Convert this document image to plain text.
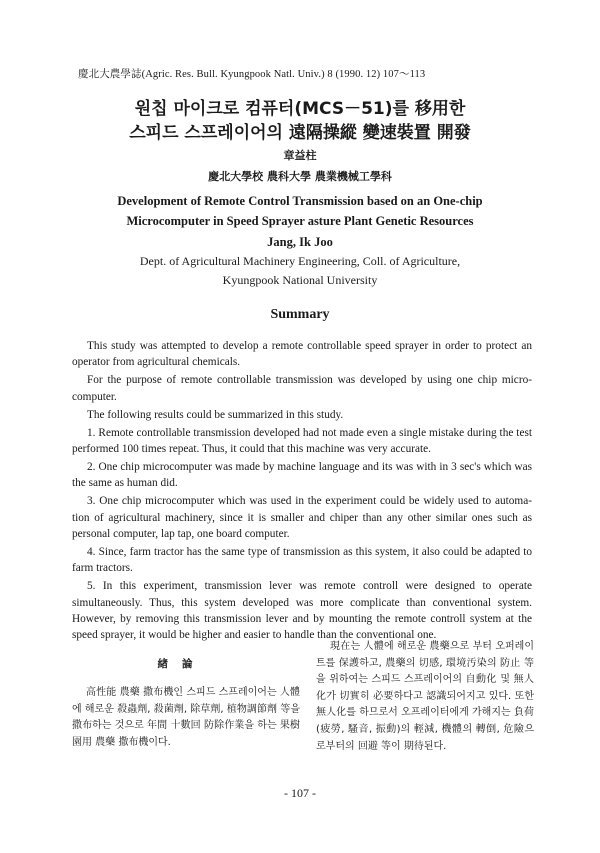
慶北大農學誌(Agric. Res. Bull. Kyungpook Natl. Univ.) 8 (1990. 12) 107～113
원칩 마이크로 컴퓨터(MCS－51)를 移用한
스피드 스프레이어의 遠隔操縱 變速裝置 開發
章益柱
慶北大學校 農科大學 農業機械工學科
Development of Remote Control Transmission based on an One-chip
Microcomputer in Speed Sprayer asture Plant Genetic Resources
Jang, Ik Joo
Dept. of Agricultural Machinery Engineering, Coll. of Agriculture,
Kyungpook National University
Summary

This study was attempted to develop a remote controllable speed sprayer in order to protect an operator from agricultural chemicals.

For the purpose of remote controllable transmission was developed by using one chip micro-computer.

The following results could be summarized in this study.

1. Remote controllable transmission developed had not made even a single mistake during the test performed 100 times repeat. Thus, it could that this machine was very accurate.

2. One chip microcomputer was made by machine language and its was with in 3 sec's which was the same as human did.

3. One chip microcomputer which was used in the experiment could be widely used to automa-tion of agricultural machinery, since it is smaller and chiper than any other similar ones such as personal computer, lap tap, one board computer.

4. Since, farm tractor has the same type of transmission as this system, it also could be adapted to farm tractors.

5. In this experiment, transmission lever was remote controll were designed to operate simultaneously. Thus, this system developed was more complicate than conventional system. However, by removing this transmission lever and by mounting the remote controll system at the speed sprayer, it would be higher and easier to handle than the conventional one.

緖論
高性能 農藥 撒布機인 스피드 스프레이어는 人體에 해로운 殺蟲劑, 殺菌劑, 除草劑, 植物調節劑 等을 撒布하는 것으로 年間 十數回 防除作業을 하는 果樹園用 農藥 撒布機이다.
現在는 人體에 해로운 農藥으로 부터 오퍼레이트를 保護하고, 農藥의 切感, 環境汚染의 防止 等을 위하여는 스피드 스프레이어의 自動化 및 無人化가 切實히 必要하다고 認識되어지고 있다. 또한 無人化를 하므로서 오프레이터에게 가해지는 負荷(疲勞, 騷音, 振動)의 輕減, 機體의 轉倒, 危險으로부터의 回避 等이 期待된다.
- 107 -
